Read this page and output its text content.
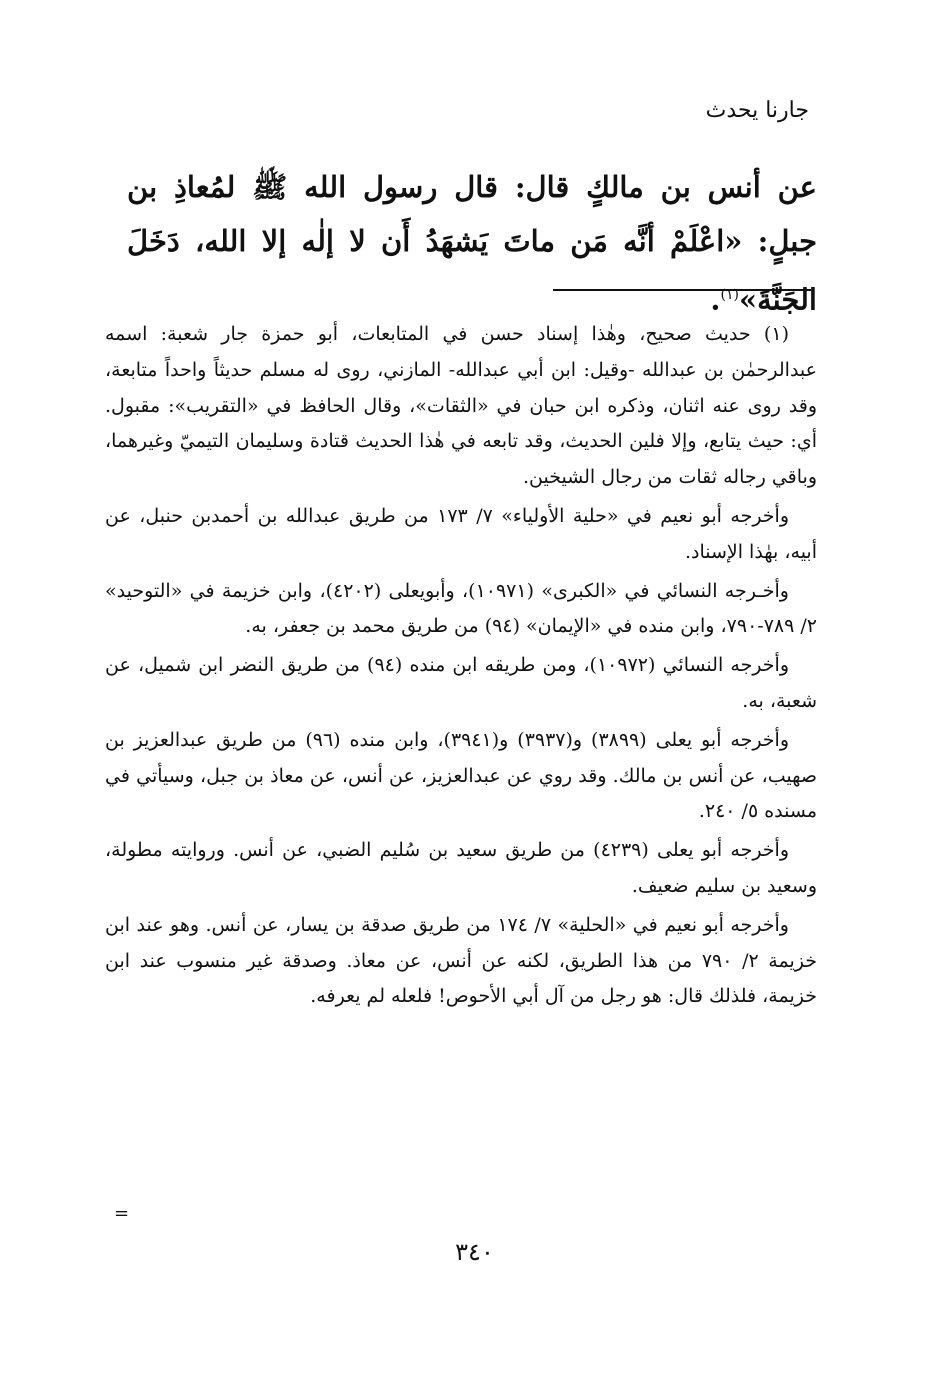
جارنا يحدث
عن أنس بن مالكٍ قال: قال رسول الله ﷺ لمُعاذِ بن جبلٍ: «اعْلَمْ أنَّه مَن ماتَ يَشهَدُ أَن لا إلٰه إلا الله، دَخَلَ الجَنَّةَ»$^{(١)}$.

(١) حديث صحيح، وهٰذا إسناد حسن في المتابعات، أبو حمزة جار شعبة: اسمه عبدالرحمٰن بن عبدالله -وقيل: ابن أبي عبدالله- المازني، روى له مسلم حديثاً واحداً متابعة، وقد روى عنه اثنان، وذكره ابن حبان في «الثقات»، وقال الحافظ في «التقريب»: مقبول. أي: حيث يتابع، وإلا فلين الحديث، وقد تابعه في هٰذا الحديث قتادة وسليمان التيميّ وغيرهما، وباقي رجاله ثقات من رجال الشيخين.

وأخرجه أبو نعيم في «حلية الأولياء» ٧/ ١٧٣ من طريق عبدالله بن أحمدبن حنبل، عن أبيه، بهٰذا الإسناد.

وأخـرجه النسائي في «الكبرى» (١٠٩٧١)، وأبويعلى (٤٢٠٢)، وابن خزيمة في «التوحيد» ٢/ ٧٨٩-٧٩٠، وابن منده في «الإيمان» (٩٤) من طريق محمد بن جعفر، به.

وأخرجه النسائي (١٠٩٧٢)، ومن طريقه ابن منده (٩٤) من طريق النضر ابن شميل، عن شعبة، به.

وأخرجه أبو يعلى (٣٨٩٩) و(٣٩٣٧) و(٣٩٤١)، وابن منده (٩٦) من طريق عبدالعزيز بن صهيب، عن أنس بن مالك. وقد روي عن عبدالعزيز، عن أنس، عن معاذ بن جبل، وسيأتي في مسنده ٥/ ٢٤٠.

وأخرجه أبو يعلى (٤٢٣٩) من طريق سعيد بن سُليم الضبي، عن أنس. وروايته مطولة، وسعيد بن سليم ضعيف.

وأخرجه أبو نعيم في «الحلية» ٧/ ١٧٤ من طريق صدقة بن يسار، عن أنس. وهو عند ابن خزيمة ٢/ ٧٩٠ من هذا الطريق، لكنه عن أنس، عن معاذ. وصدقة غير منسوب عند ابن خزيمة، فلذلك قال: هو رجل من آل أبي الأحوص! فلعله لم يعرفه.

=
٣٤٠
